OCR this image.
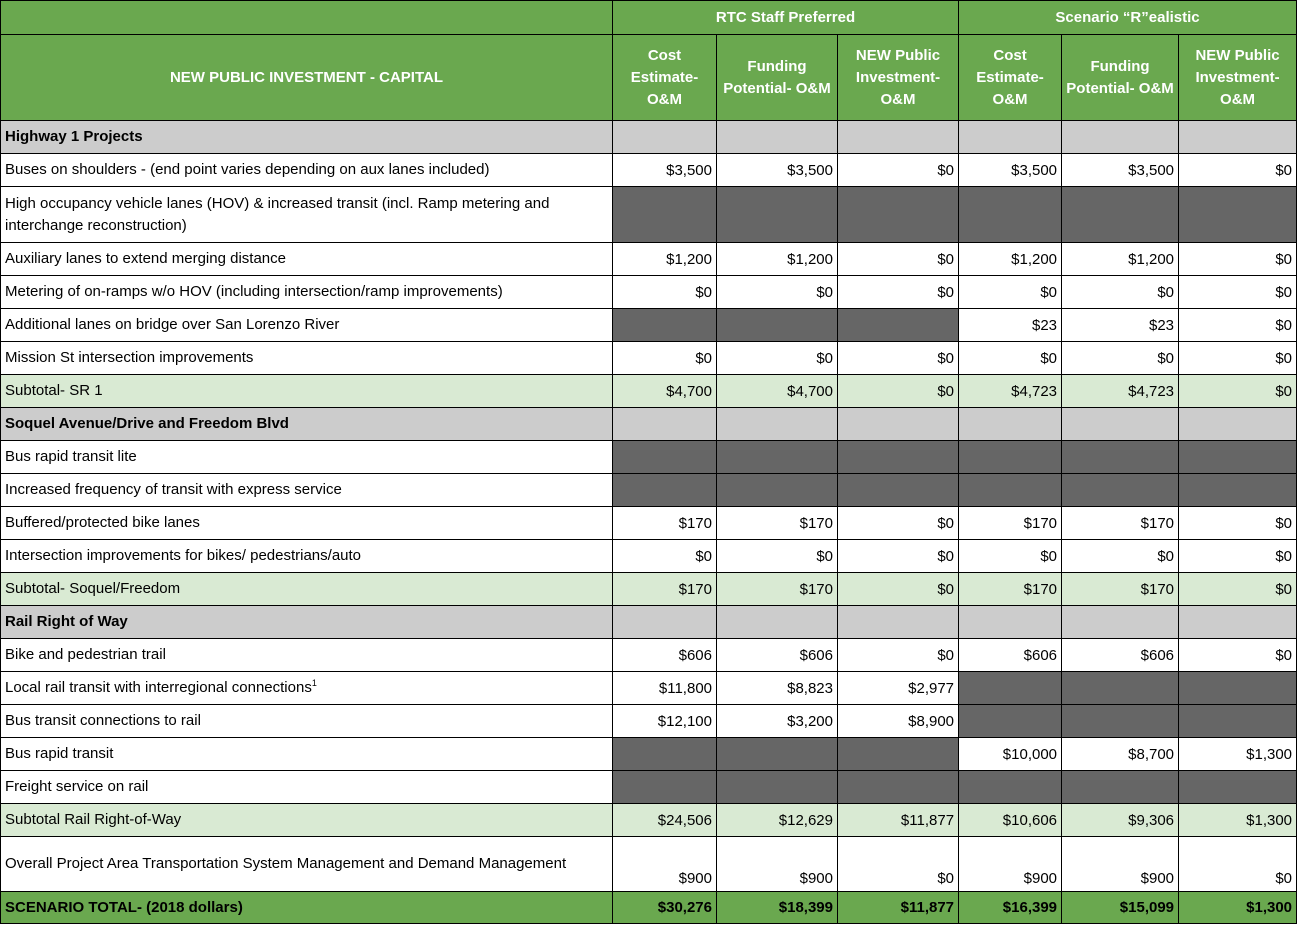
	RTC Staff Preferred			Scenario “R”ealistic		
NEW PUBLIC INVESTMENT - CAPITAL	Cost Estimate- O&M	Funding Potential- O&M	NEW Public Investment- O&M	Cost Estimate- O&M	Funding Potential- O&M	NEW Public Investment- O&M
Highway 1 Projects						
Buses on shoulders - (end point varies depending on aux lanes included)	$3,500	$3,500	$0	$3,500	$3,500	$0
High occupancy vehicle lanes (HOV) & increased transit (incl. Ramp metering and interchange reconstruction)						
Auxiliary lanes to extend merging distance	$1,200	$1,200	$0	$1,200	$1,200	$0
Metering of on-ramps w/o HOV (including intersection/ramp improvements)	$0	$0	$0	$0	$0	$0
Additional lanes on bridge over San Lorenzo River				$23	$23	$0
Mission St intersection improvements	$0	$0	$0	$0	$0	$0
Subtotal- SR 1	$4,700	$4,700	$0	$4,723	$4,723	$0
Soquel Avenue/Drive and Freedom Blvd						
Bus rapid transit lite						
Increased frequency of transit with express service						
Buffered/protected bike lanes	$170	$170	$0	$170	$170	$0
Intersection improvements for bikes/ pedestrians/auto	$0	$0	$0	$0	$0	$0
Subtotal- Soquel/Freedom	$170	$170	$0	$170	$170	$0
Rail Right of Way						
Bike and pedestrian trail	$606	$606	$0	$606	$606	$0
Local rail transit with interregional connections$^1$	$11,800	$8,823	$2,977			
Bus transit connections to rail	$12,100	$3,200	$8,900			
Bus rapid transit				$10,000	$8,700	$1,300
Freight service on rail						
Subtotal Rail Right-of-Way	$24,506	$12,629	$11,877	$10,606	$9,306	$1,300
Overall Project Area Transportation System Management and Demand Management	$900	$900	$0	$900	$900	$0
SCENARIO TOTAL- (2018 dollars)	$30,276	$18,399	$11,877	$16,399	$15,099	$1,300
